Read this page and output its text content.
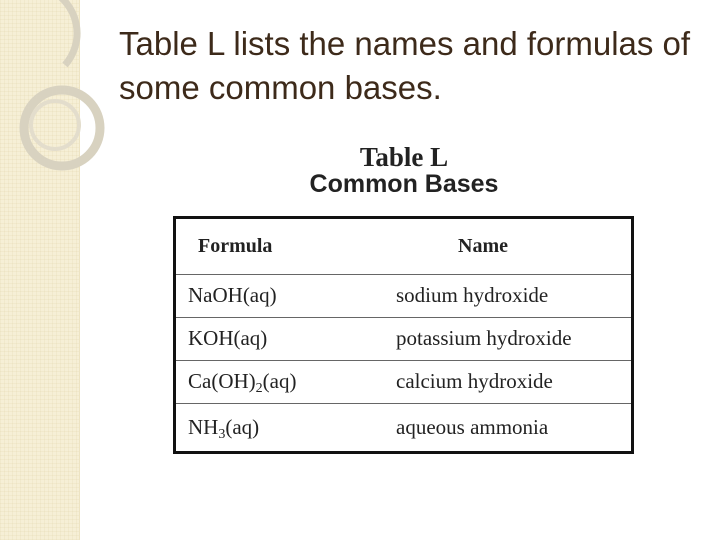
Table L lists the names and formulas of some common bases.
Table L
Common Bases
Formula	Name
NaOH(aq)	sodium hydroxide
KOH(aq)	potassium hydroxide
$Ca(OH)_2(aq)$	calcium hydroxide
$NH_3(aq)$	aqueous ammonia
